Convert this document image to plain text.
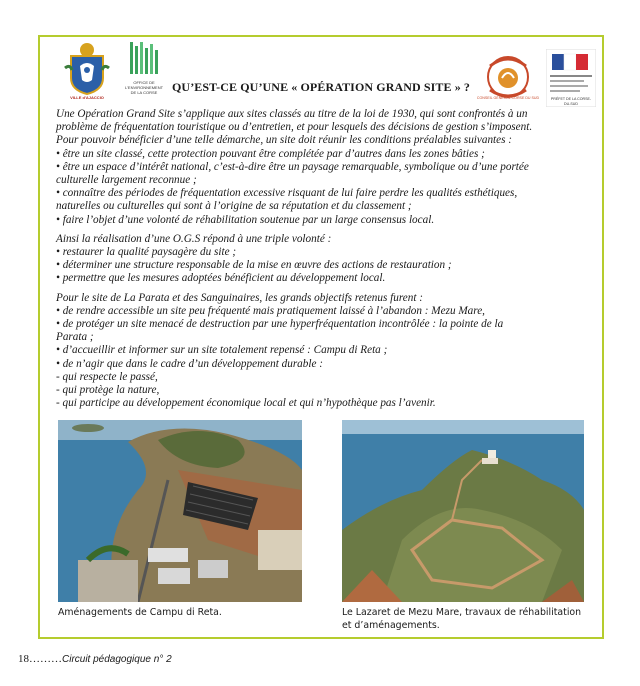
VILLE d'AJACCIO
OFFICE DE
L'ENVIRONNEMENT
DE LA CORSE
CONSEIL GÉNÉRAL CORSE DU SUD	PRÉFET DE LA CORSE-DU-SUD
QU’EST-CE QU’UNE « OPÉRATION GRAND SITE » ?

Une Opération Grand Site s’applique aux sites classés au titre de la loi de 1930, qui sont confrontés à un
problème de fréquentation touristique ou d’entretien, et pour lesquels des décisions de gestion s’imposent.
Pour pouvoir bénéficier d’une telle démarche, un site doit réunir les conditions préalables suivantes :
• être un site classé, cette protection pouvant être complétée par d’autres dans les zones bâties ;
• être un espace d’intérêt national, c’est-à-dire être un paysage remarquable, symbolique ou d’une portée
culturelle largement reconnue ;
• connaître des périodes de fréquentation excessive risquant de lui faire perdre les qualités esthétiques,
naturelles ou culturelles qui sont à l’origine de sa réputation et du classement ;
• faire l’objet d’une volonté de réhabilitation soutenue par un large consensus local.

Ainsi la réalisation d’une O.G.S répond à une triple volonté :
• restaurer la qualité paysagère du site ;
• déterminer une structure responsable de la mise en œuvre des actions de restauration ;
• permettre que les mesures adoptées bénéficient au développement local.

Pour le site de La Parata et des Sanguinaires, les grands objectifs retenus furent :
• de rendre accessible un site peu fréquenté mais pratiquement laissé à l’abandon : Mezu Mare,
• de protéger un site menacé de destruction par une hyperfréquentation incontrôlée : la pointe de la
Parata ;
• d’accueillir et informer sur un site totalement repensé : Campu di Reta ;
• de n’agir que dans le cadre d’un développement durable :
- qui respecte le passé,
- qui protège la nature,
- qui participe au développement économique local et qui n’hypothèque pas l’avenir.

Aménagements de Campu di Reta.	Le Lazaret de Mezu Mare, travaux de réhabilitation et d’aménagements.
18………Circuit pédagogique n° 2
